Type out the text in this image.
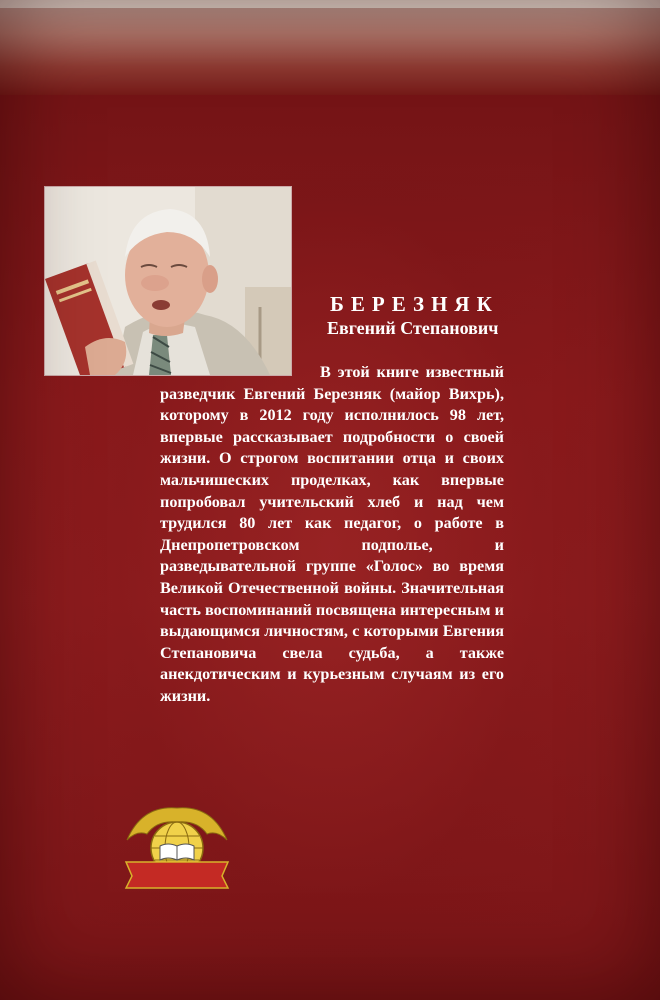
БЕРЕЗНЯК
Евгений Степанович

В этой книге известный разведчик Евгений Березняк (майор Вихрь), которому в 2012 году исполнилось 98 лет, впервые рассказывает подробности о своей жизни. О строгом воспитании отца и своих мальчишеских проделках, как впервые попробовал учительский хлеб и над чем трудился 80 лет как педагог, о работе в Днепропетровском подполье, и разведывательной группе «Голос» во время Великой Отечественной войны. Значительная часть воспоминаний посвящена интересным и выдающимся личностям, с которыми Евгения Степановича свела судьба, а также анекдотическим и курьезным случаям из его жизни.
